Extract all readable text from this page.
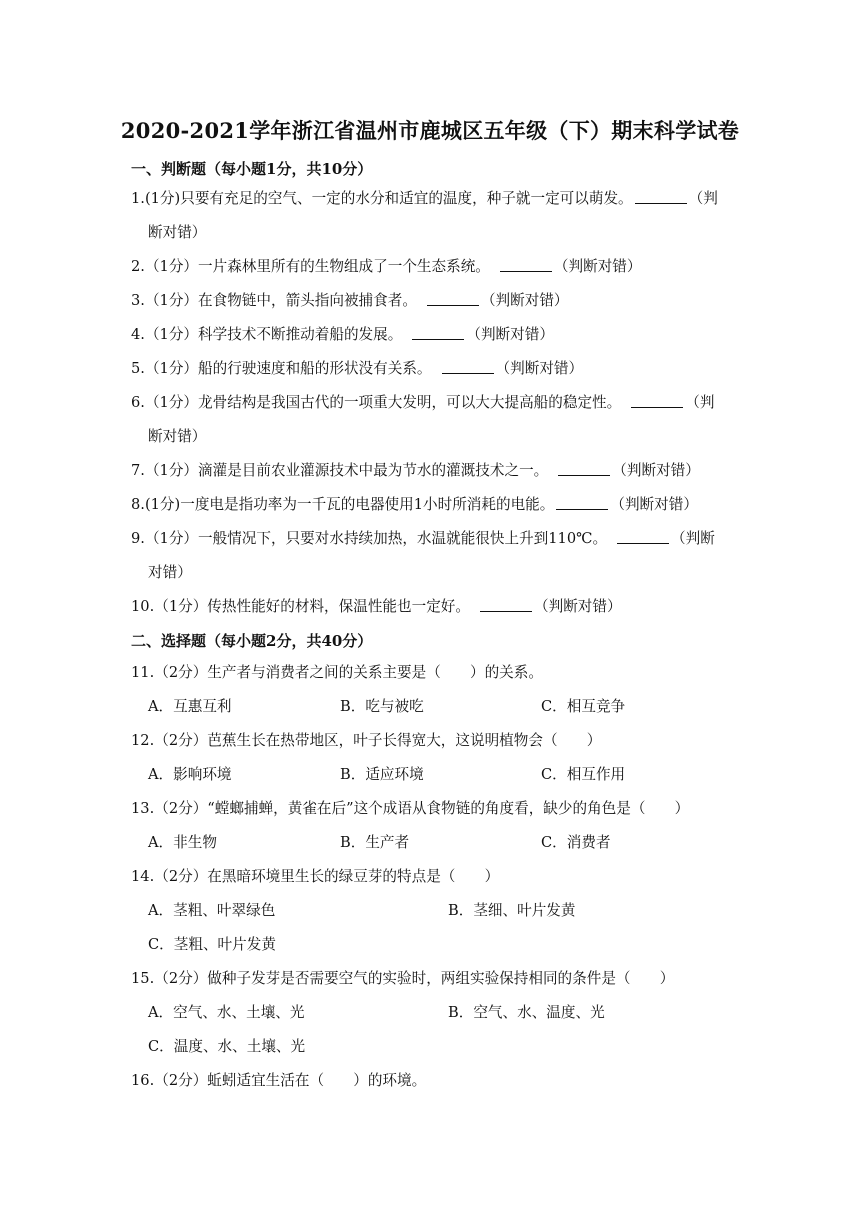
2020-2021学年浙江省温州市鹿城区五年级（下）期末科学试卷
一、判断题（每小题1分，共10分）
1.(1分)只要有充足的空气、一定的水分和适宜的温度，种子就一定可以萌发。	（判
断对错）
2.（1分）一片森林里所有的生物组成了一个生态系统。	（判断对错）
3.（1分）在食物链中，箭头指向被捕食者。	（判断对错）
4.（1分）科学技术不断推动着船的发展。	（判断对错）
5.（1分）船的行驶速度和船的形状没有关系。	（判断对错）
6.（1分）龙骨结构是我国古代的一项重大发明，可以大大提高船的稳定性。	（判
断对错）
7.（1分）滴灌是目前农业灌源技术中最为节水的灌溉技术之一。	（判断对错）
8.(1分)一度电是指功率为一千瓦的电器使用1小时所消耗的电能。	（判断对错）
9.（1分）一般情况下，只要对水持续加热，水温就能很快上升到110℃。	（判断
对错）
10.（1分）传热性能好的材料，保温性能也一定好。	（判断对错）
二、选择题（每小题2分，共40分）
11.（2分）生产者与消费者之间的关系主要是（　　）的关系。
A．互惠互利	B．吃与被吃	C．相互竞争
12.（2分）芭蕉生长在热带地区，叶子长得宽大，这说明植物会（　　）
A．影响环境	B．适应环境	C．相互作用
13.（2分）“螳螂捕蝉，黄雀在后”这个成语从食物链的角度看，缺少的角色是（　　）
A．非生物	B．生产者	C．消费者
14.（2分）在黑暗环境里生长的绿豆芽的特点是（　　）
A．茎粗、叶翠绿色	B．茎细、叶片发黄
C．茎粗、叶片发黄
15.（2分）做种子发芽是否需要空气的实验时，两组实验保持相同的条件是（　　）
A．空气、水、土壤、光	B．空气、水、温度、光
C．温度、水、土壤、光
16.（2分）蚯蚓适宜生活在（　　）的环境。
